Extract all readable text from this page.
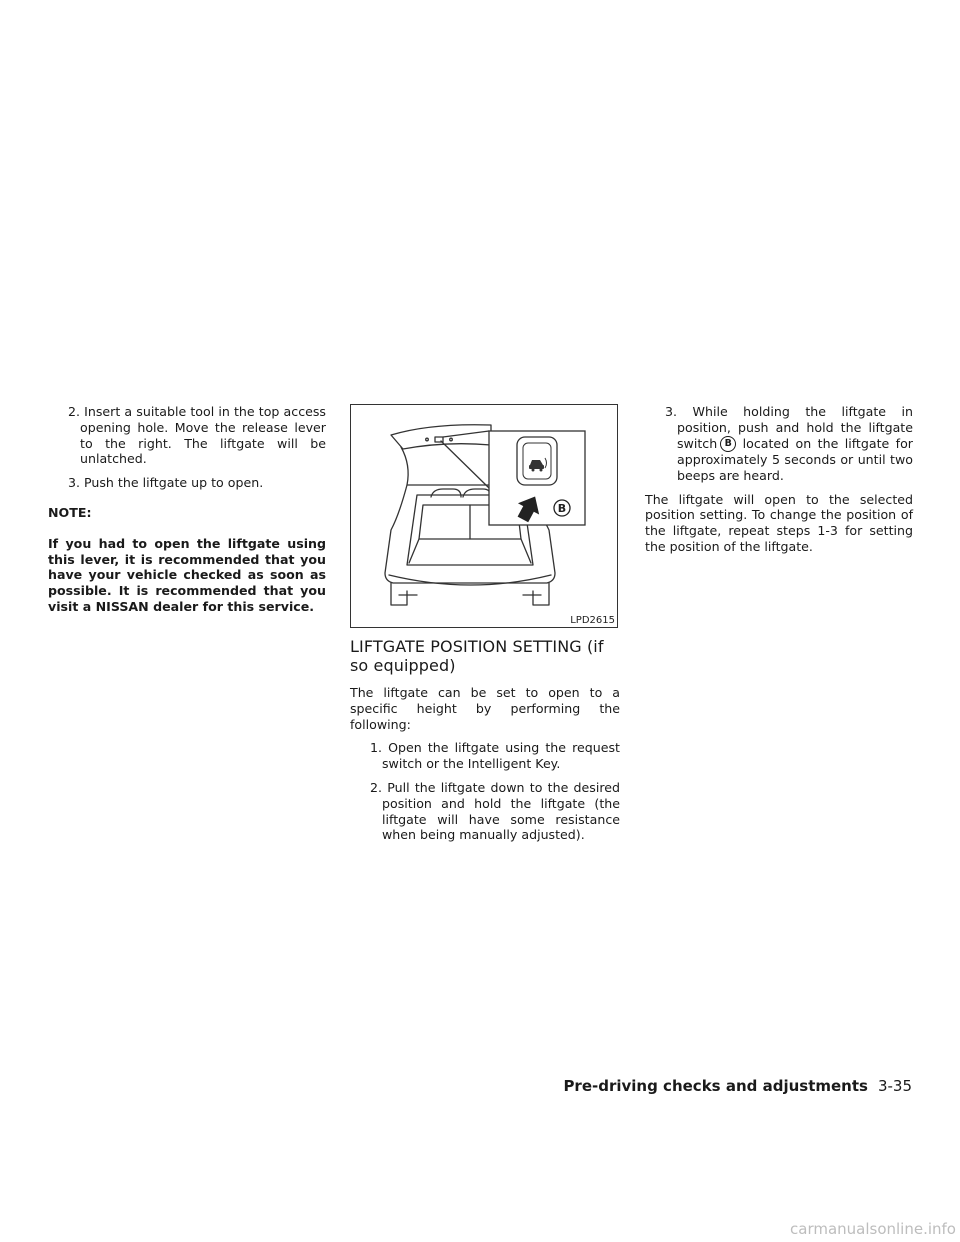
2. Insert a suitable tool in the top access opening hole. Move the release lever to the right. The liftgate will be unlatched.

3. Push the liftgate up to open.

NOTE:

If you had to open the liftgate using this lever, it is recommended that you have your vehicle checked as soon as possible. It is recommended that you visit a NISSAN dealer for this service.

B
LPD2615

LIFTGATE POSITION SETTING (if so equipped)

The liftgate can be set to open to a specific height by performing the following:

1. Open the liftgate using the request switch or the Intelligent Key.

2. Pull the liftgate down to the desired position and hold the liftgate (the liftgate will have some resistance when being manually adjusted).

3. While holding the liftgate in position, push and hold the liftgate switch B located on the liftgate for approximately 5 seconds or until two beeps are heard.

The liftgate will open to the selected position setting. To change the position of the liftgate, repeat steps 1-3 for setting the position of the liftgate.

Pre-driving checks and adjustments 3-35
carmanualsonline.info
